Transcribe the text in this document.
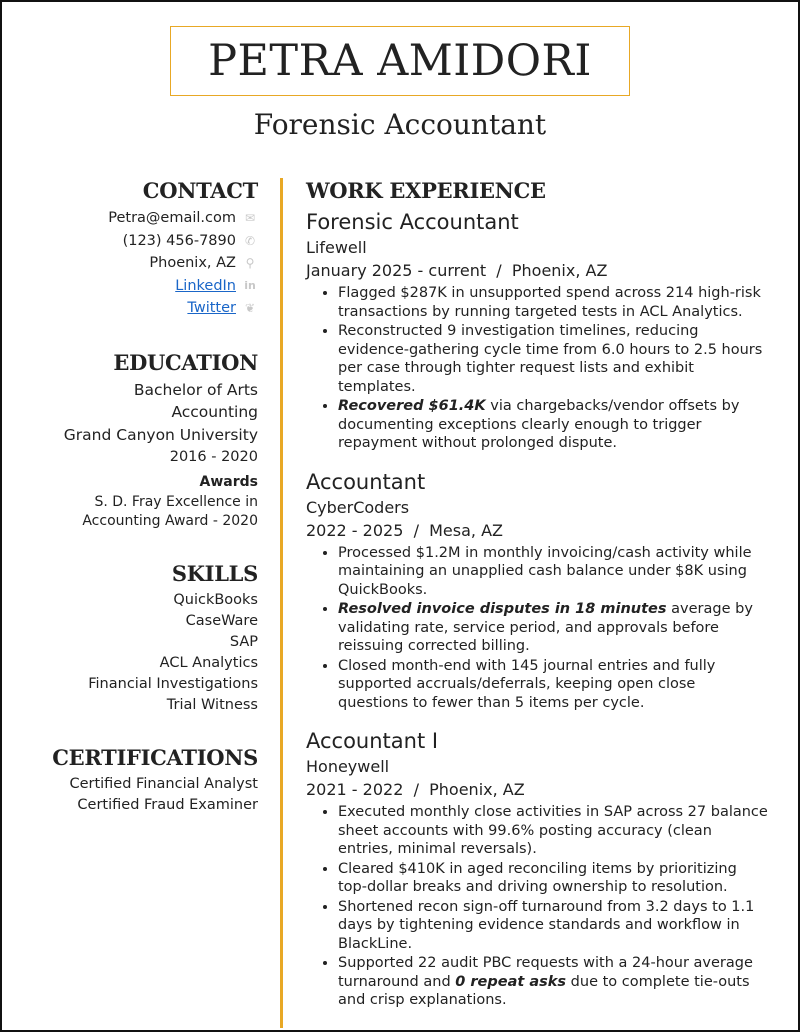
PETRA AMIDORI
Forensic Accountant
CONTACT
Petra@email.com ✉
(123) 456-7890 ✆
Phoenix, AZ ⚲
LinkedIn in
Twitter ❦
EDUCATION
Bachelor of Arts
Accounting
Grand Canyon University
2016 - 2020
Awards
S. D. Fray Excellence in
Accounting Award - 2020
SKILLS
QuickBooks
CaseWare
SAP
ACL Analytics
Financial Investigations
Trial Witness
CERTIFICATIONS
Certified Financial Analyst
Certified Fraud Examiner
WORK EXPERIENCE
Forensic Accountant
Lifewell
January 2025 - current  /  Phoenix, AZ
• Flagged $287K in unsupported spend across 214 high-risk transactions by running targeted tests in ACL Analytics.
• Reconstructed 9 investigation timelines, reducing evidence-gathering cycle time from 6.0 hours to 2.5 hours per case through tighter request lists and exhibit templates.
• Recovered $61.4K via chargebacks/vendor offsets by documenting exceptions clearly enough to trigger repayment without prolonged dispute.
Accountant
CyberCoders
2022 - 2025  /  Mesa, AZ
• Processed $1.2M in monthly invoicing/cash activity while maintaining an unapplied cash balance under $8K using QuickBooks.
• Resolved invoice disputes in 18 minutes average by validating rate, service period, and approvals before reissuing corrected billing.
• Closed month-end with 145 journal entries and fully supported accruals/deferrals, keeping open close questions to fewer than 5 items per cycle.
Accountant I
Honeywell
2021 - 2022  /  Phoenix, AZ
• Executed monthly close activities in SAP across 27 balance sheet accounts with 99.6% posting accuracy (clean entries, minimal reversals).
• Cleared $410K in aged reconciling items by prioritizing top-dollar breaks and driving ownership to resolution.
• Shortened recon sign-off turnaround from 3.2 days to 1.1 days by tightening evidence standards and workflow in BlackLine.
• Supported 22 audit PBC requests with a 24-hour average turnaround and 0 repeat asks due to complete tie-outs and crisp explanations.
